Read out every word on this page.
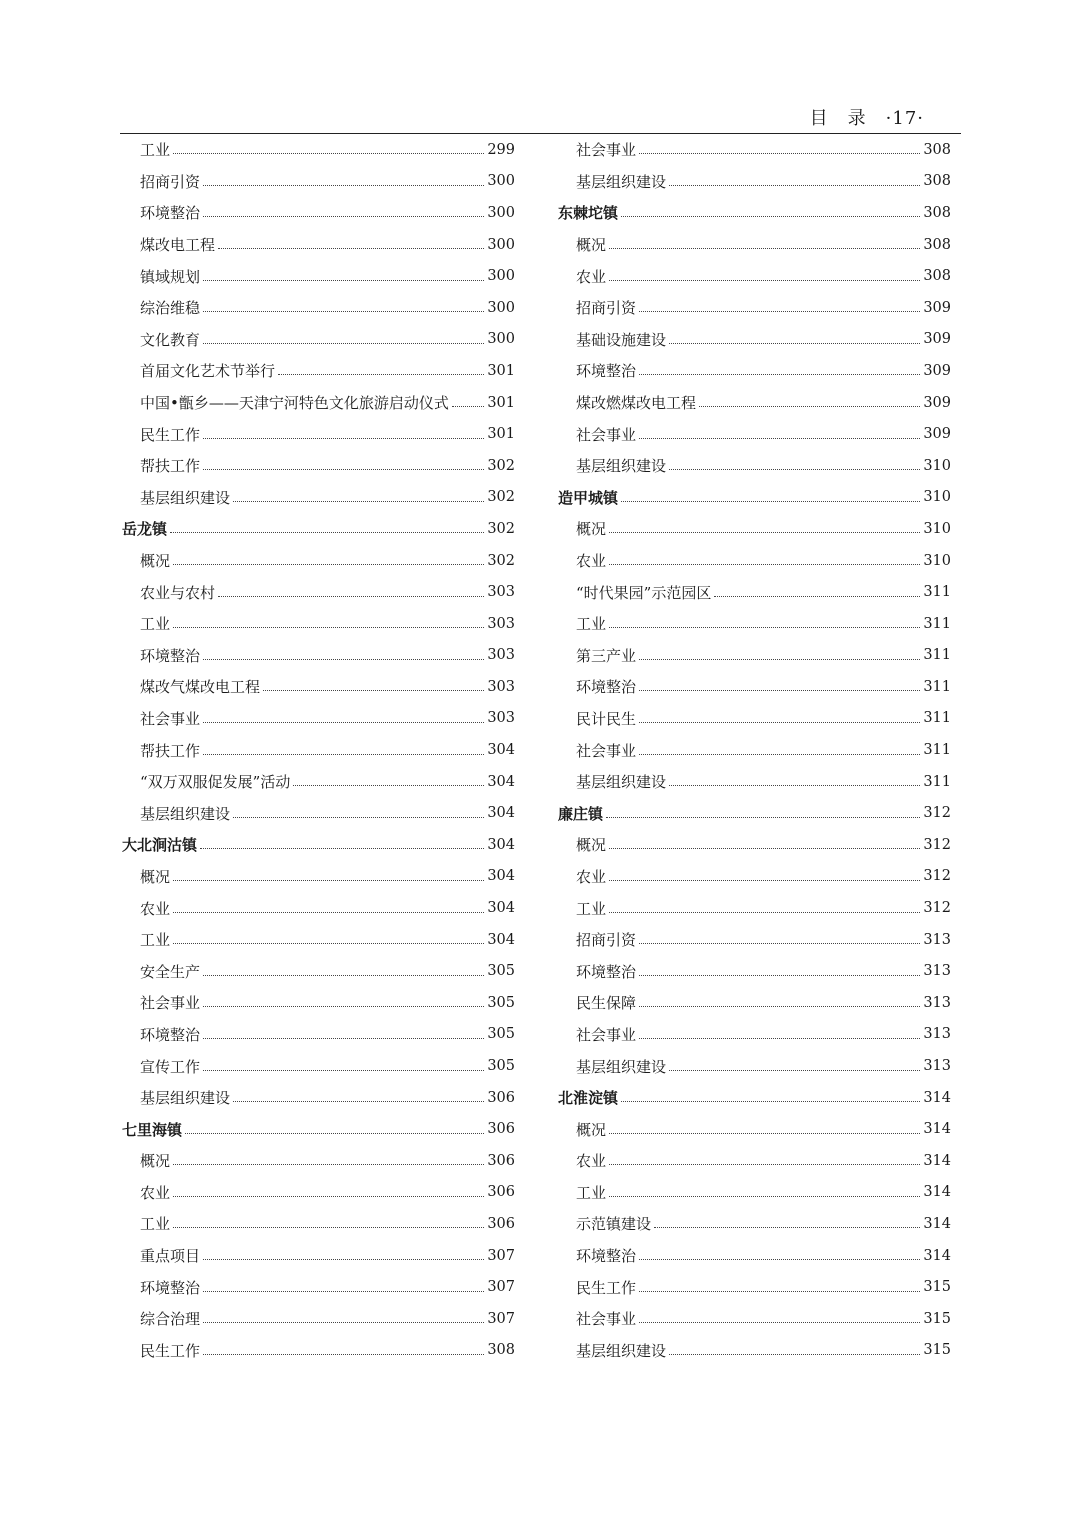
目　录　·17·
工业	299
招商引资	300
环境整治	300
煤改电工程	300
镇域规划	300
综治维稳	300
文化教育	300
首届文化艺术节举行	301
中国•甑乡——天津宁河特色文化旅游启动仪式	301
民生工作	301
帮扶工作	302
基层组织建设	302
岳龙镇	302
概况	302
农业与农村	303
工业	303
环境整治	303
煤改气煤改电工程	303
社会事业	303
帮扶工作	304
“双万双服促发展”活动	304
基层组织建设	304
大北涧沽镇	304
概况	304
农业	304
工业	304
安全生产	305
社会事业	305
环境整治	305
宣传工作	305
基层组织建设	306
七里海镇	306
概况	306
农业	306
工业	306
重点项目	307
环境整治	307
综合治理	307
民生工作	308
社会事业	308
基层组织建设	308
东棘坨镇	308
概况	308
农业	308
招商引资	309
基础设施建设	309
环境整治	309
煤改燃煤改电工程	309
社会事业	309
基层组织建设	310
造甲城镇	310
概况	310
农业	310
“时代果园”示范园区	311
工业	311
第三产业	311
环境整治	311
民计民生	311
社会事业	311
基层组织建设	311
廉庄镇	312
概况	312
农业	312
工业	312
招商引资	313
环境整治	313
民生保障	313
社会事业	313
基层组织建设	313
北淮淀镇	314
概况	314
农业	314
工业	314
示范镇建设	314
环境整治	314
民生工作	315
社会事业	315
基层组织建设	315
